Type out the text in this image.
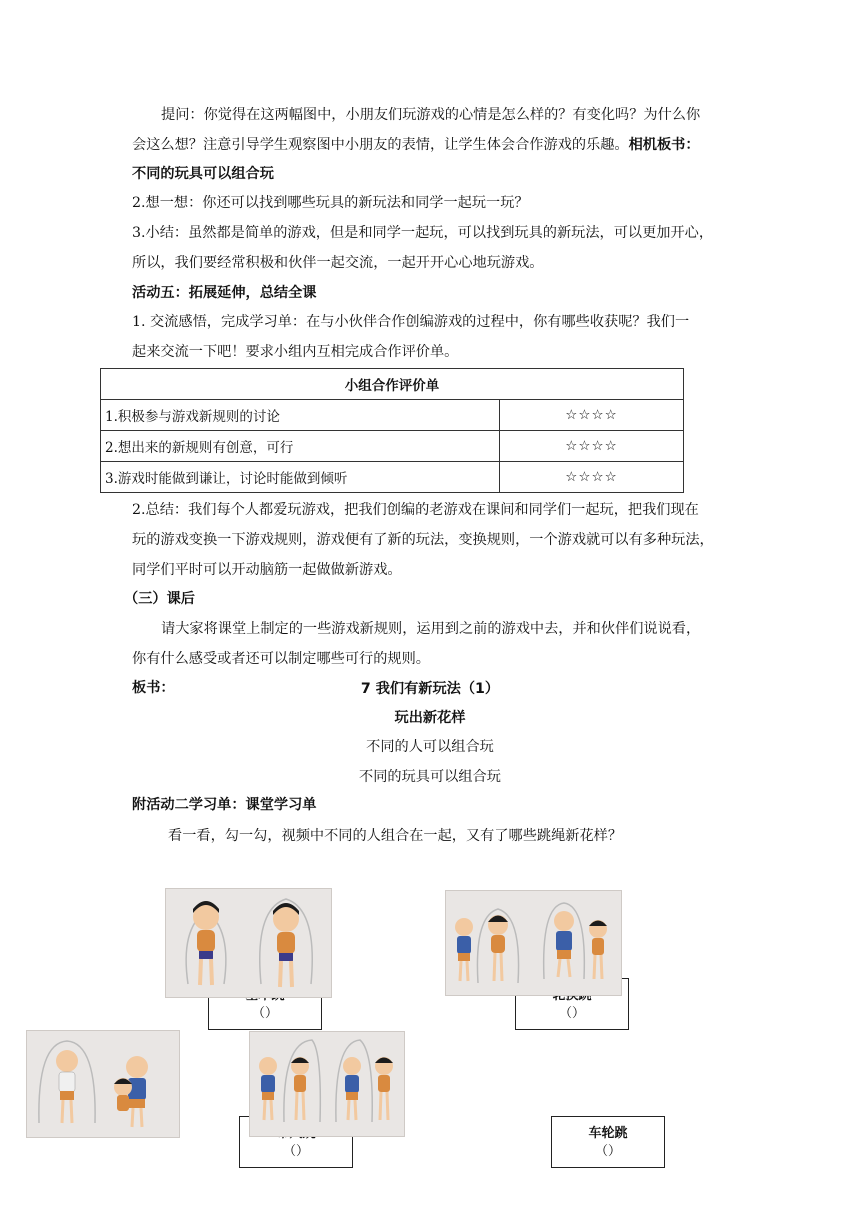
提问：你觉得在这两幅图中，小朋友们玩游戏的心情是怎么样的？有变化吗？为什么你
会这么想？注意引导学生观察图中小朋友的表情，让学生体会合作游戏的乐趣。相机板书：
不同的玩具可以组合玩
2.想一想：你还可以找到哪些玩具的新玩法和同学一起玩一玩？
3.小结：虽然都是简单的游戏，但是和同学一起玩，可以找到玩具的新玩法，可以更加开心，
所以，我们要经常积极和伙伴一起交流，一起开开心心地玩游戏。
活动五：拓展延伸，总结全课
1. 交流感悟，完成学习单：在与小伙伴合作创编游戏的过程中，你有哪些收获呢？我们一
起来交流一下吧！要求小组内互相完成合作评价单。
小组合作评价单	
1.积极参与游戏新规则的讨论	☆☆☆☆
2.想出来的新规则有创意，可行	☆☆☆☆
3.游戏时能做到谦让，讨论时能做到倾听	☆☆☆☆
2.总结：我们每个人都爱玩游戏，把我们创编的老游戏在课间和同学们一起玩，把我们现在
玩的游戏变换一下游戏规则，游戏便有了新的玩法，变换规则，一个游戏就可以有多种玩法，
同学们平时可以开动脑筋一起做做新游戏。
（三）课后
请大家将课堂上制定的一些游戏新规则，运用到之前的游戏中去，并和伙伴们说说看，
你有什么感受或者还可以制定哪些可行的规则。
板书：	7 我们有新玩法（1）
玩出新花样
不同的人可以组合玩
不同的玩具可以组合玩
附活动二学习单：课堂学习单
看一看，勾一勾，视频中不同的人组合在一起，又有了哪些跳绳新花样？
（）	（）
（）
车轮跳
（）
